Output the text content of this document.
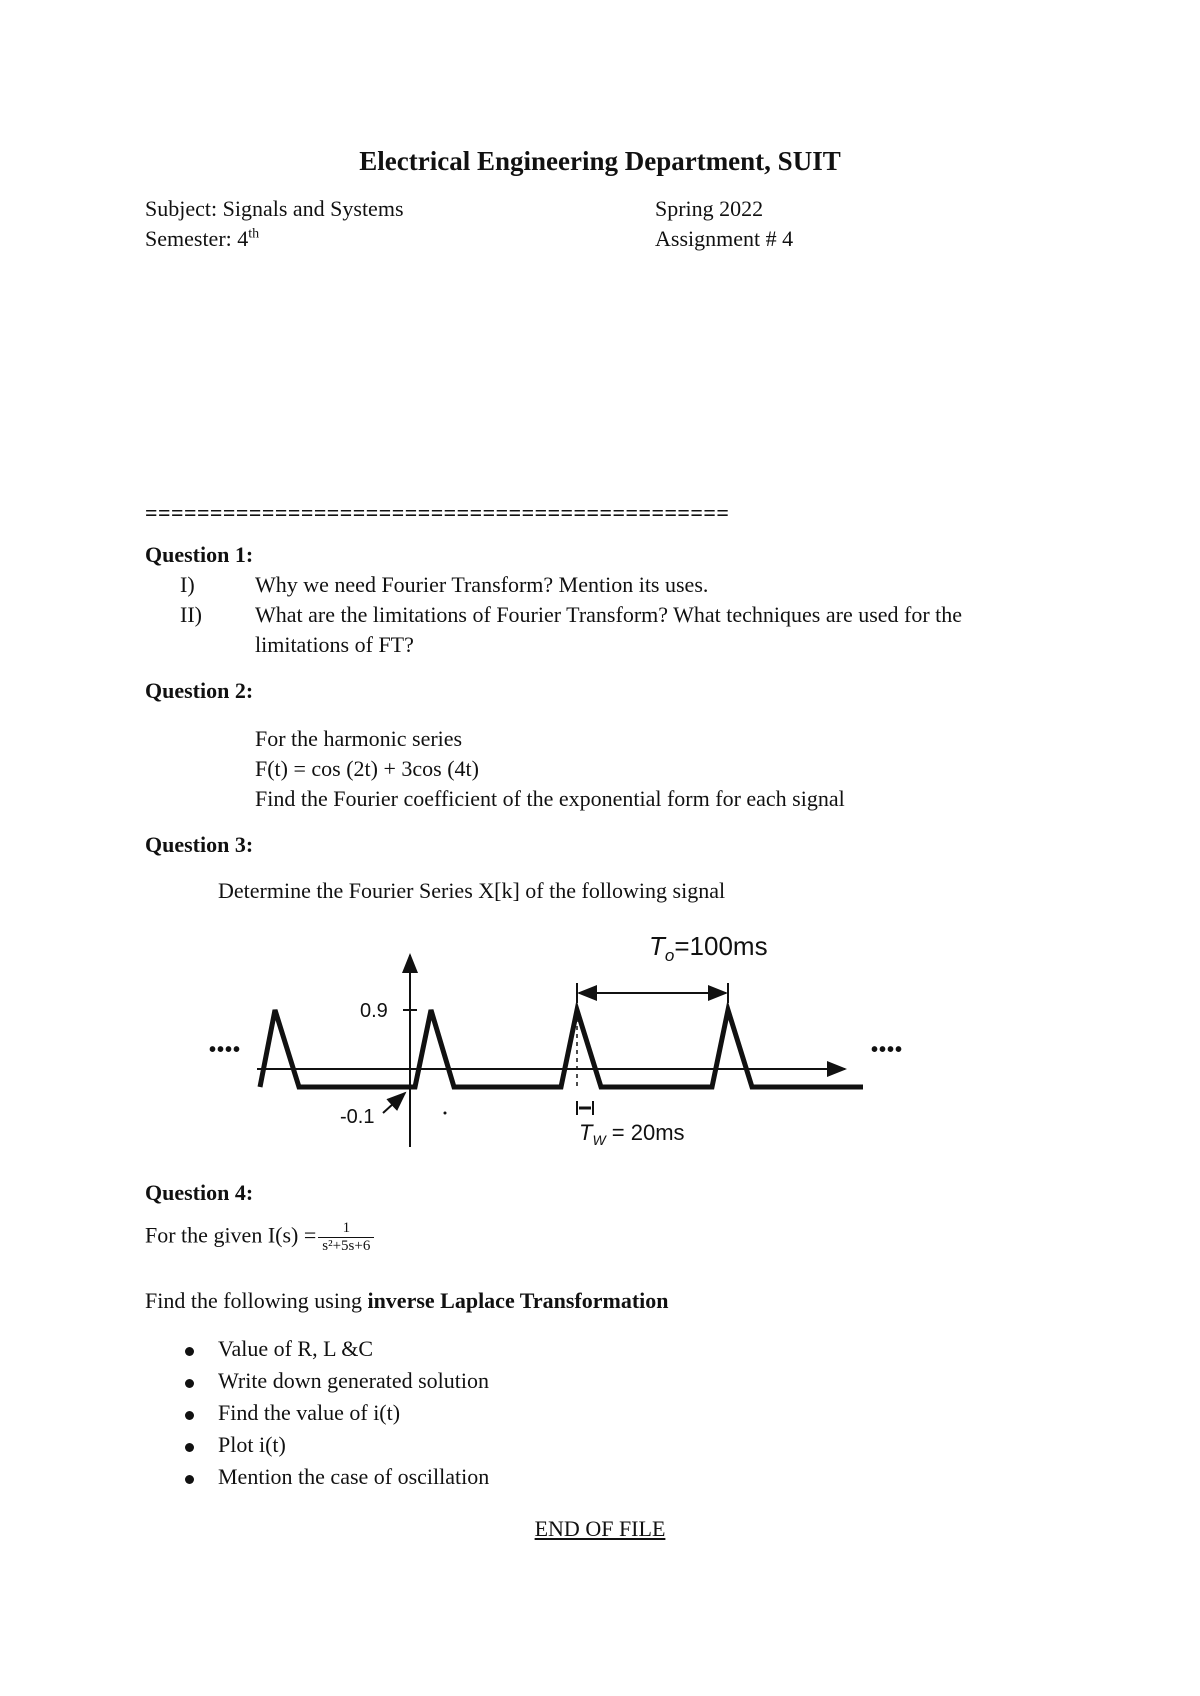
Electrical Engineering Department, SUIT
Subject: Signals and Systems
Semester: 4th
Spring 2022
Assignment # 4
=============================================
Question 1:
I)	Why we need Fourier Transform? Mention its uses.
II) What are the limitations of Fourier Transform? What techniques are used for the
limitations of FT?
Question 2:
For the harmonic series
F(t) = cos (2t) + 3cos (4t)
Find the Fourier coefficient of the exponential form for each signal
Question 3:
Determine the Fourier Series X[k] of the following signal
0.9
-0.1
$T_o=100ms$
$T_W = 20ms$
••••	••••
Question 4:
For the given $I(s) = \frac{1}{\text{s²+5s+6}}$
Find the following using inverse Laplace Transformation
Value of R, L &C
Write down generated solution
Find the value of i(t)
Plot i(t)
Mention the case of oscillation
END OF FILE
